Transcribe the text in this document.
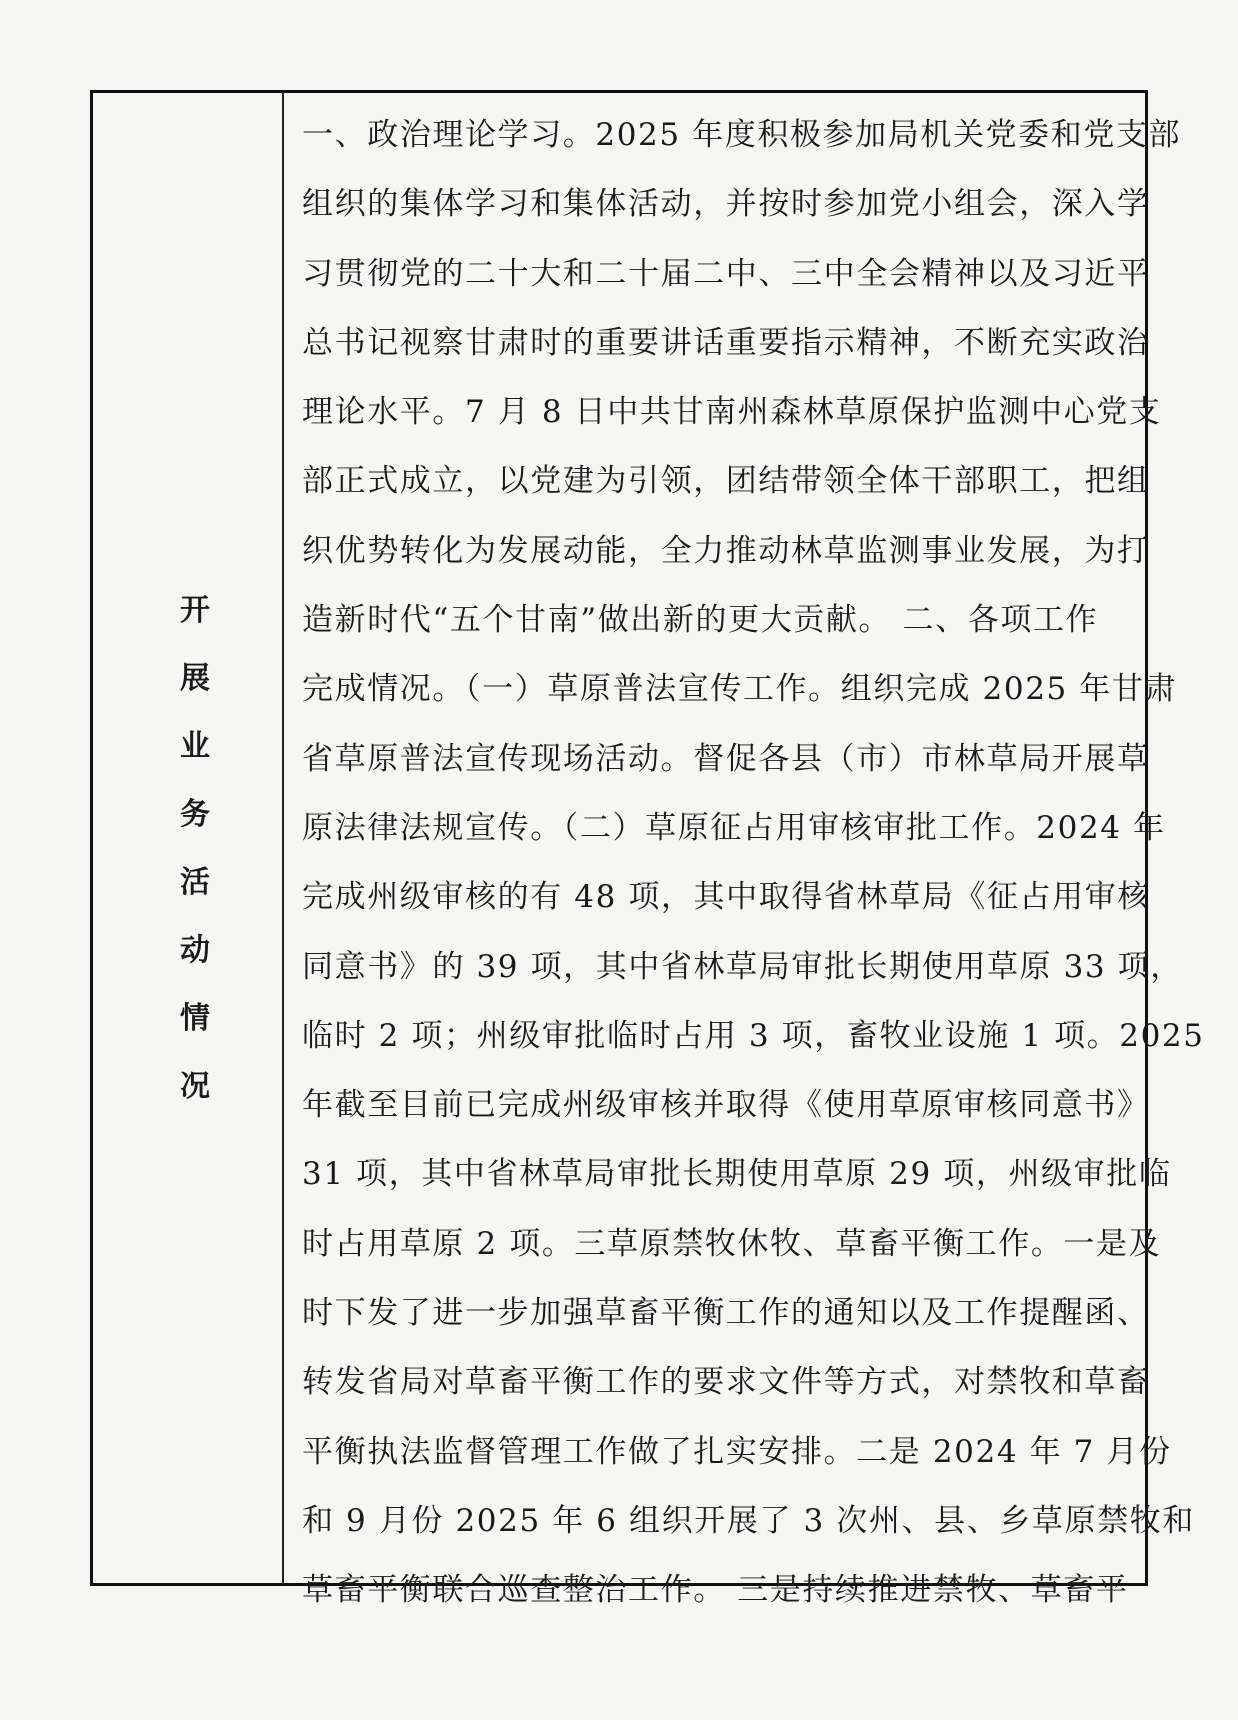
开
展
业
务
活
动
情
况
一、政治理论学习。2025 年度积极参加局机关党委和党支部
组织的集体学习和集体活动，并按时参加党小组会，深入学
习贯彻党的二十大和二十届二中、三中全会精神以及习近平
总书记视察甘肃时的重要讲话重要指示精神，不断充实政治
理论水平。7 月 8 日中共甘南州森林草原保护监测中心党支
部正式成立，以党建为引领，团结带领全体干部职工，把组
织优势转化为发展动能，全力推动林草监测事业发展，为打
造新时代“五个甘南”做出新的更大贡献。 二、各项工作
完成情况。（一）草原普法宣传工作。组织完成 2025 年甘肃
省草原普法宣传现场活动。督促各县（市）市林草局开展草
原法律法规宣传。（二）草原征占用审核审批工作。2024 年
完成州级审核的有 48 项，其中取得省林草局《征占用审核
同意书》的 39 项，其中省林草局审批长期使用草原 33 项，
临时 2 项；州级审批临时占用 3 项，畜牧业设施 1 项。2025
年截至目前已完成州级审核并取得《使用草原审核同意书》
31 项，其中省林草局审批长期使用草原 29 项，州级审批临
时占用草原 2 项。三草原禁牧休牧、草畜平衡工作。一是及
时下发了进一步加强草畜平衡工作的通知以及工作提醒函、
转发省局对草畜平衡工作的要求文件等方式，对禁牧和草畜
平衡执法监督管理工作做了扎实安排。二是 2024 年 7 月份
和 9 月份 2025 年 6 组织开展了 3 次州、县、乡草原禁牧和
草畜平衡联合巡查整治工作。 三是持续推进禁牧、草畜平
